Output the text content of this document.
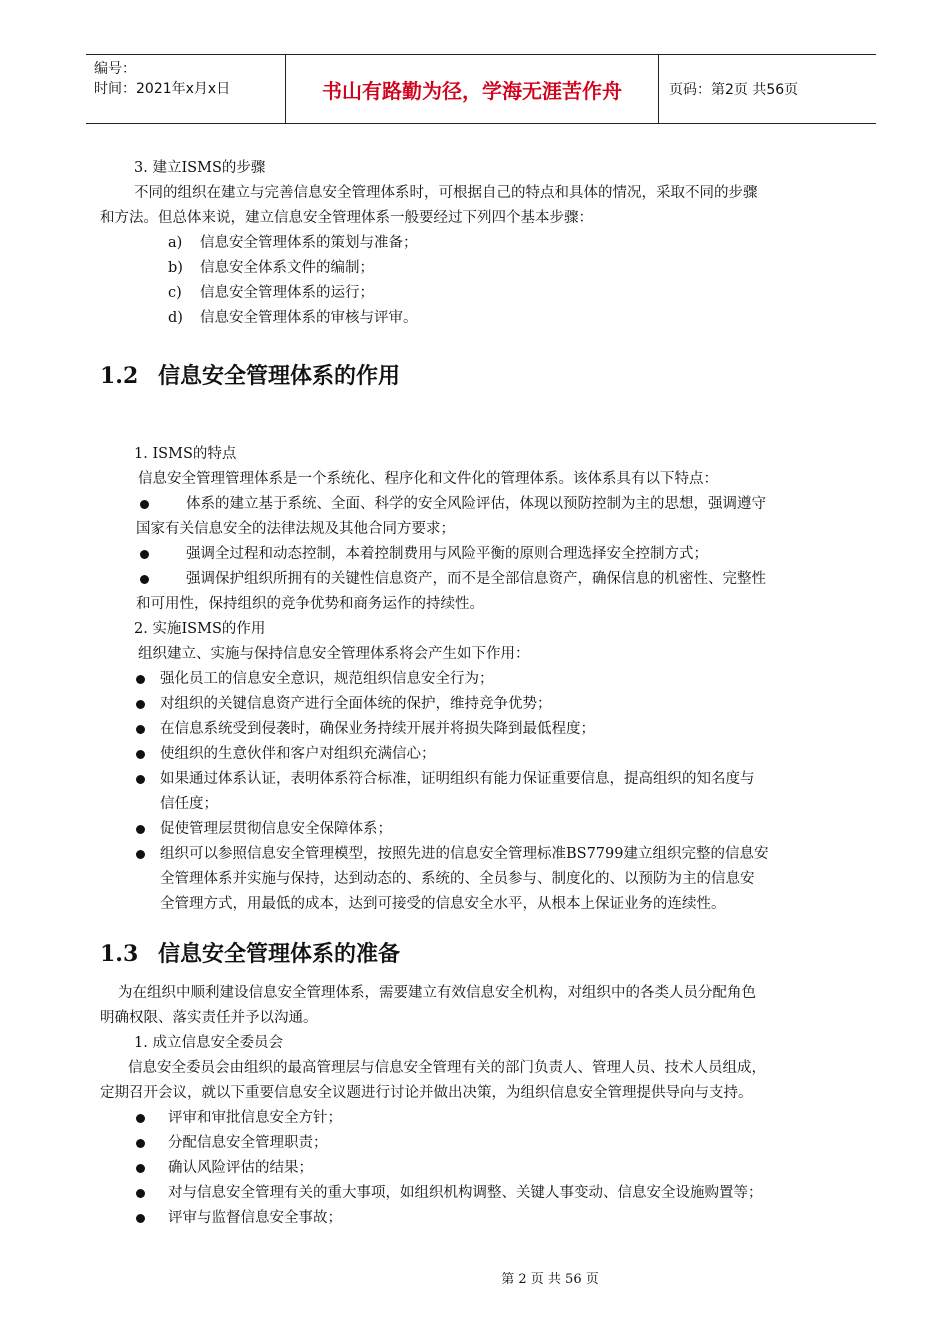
编号：
时间：2021年x月x日	书山有路勤为径，学海无涯苦作舟	页码：第2页 共56页
3. 建立ISMS的步骤
不同的组织在建立与完善信息安全管理体系时，可根据自己的特点和具体的情况，采取不同的步骤
和方法。但总体来说，建立信息安全管理体系一般要经过下列四个基本步骤：
a) 信息安全管理体系的策划与准备；
b) 信息安全体系文件的编制；
c) 信息安全管理体系的运行；
d) 信息安全管理体系的审核与评审。
1.2 信息安全管理体系的作用
1. ISMS的特点
信息安全管理管理体系是一个系统化、程序化和文件化的管理体系。该体系具有以下特点：
体系的建立基于系统、全面、科学的安全风险评估，体现以预防控制为主的思想，强调遵守
国家有关信息安全的法律法规及其他合同方要求；
强调全过程和动态控制，本着控制费用与风险平衡的原则合理选择安全控制方式；
强调保护组织所拥有的关键性信息资产，而不是全部信息资产，确保信息的机密性、完整性
和可用性，保持组织的竞争优势和商务运作的持续性。
2. 实施ISMS的作用
组织建立、实施与保持信息安全管理体系将会产生如下作用：
强化员工的信息安全意识，规范组织信息安全行为；
对组织的关键信息资产进行全面体统的保护，维持竞争优势；
在信息系统受到侵袭时，确保业务持续开展并将损失降到最低程度；
使组织的生意伙伴和客户对组织充满信心；
如果通过体系认证，表明体系符合标准，证明组织有能力保证重要信息，提高组织的知名度与
信任度；
促使管理层贯彻信息安全保障体系；
组织可以参照信息安全管理模型，按照先进的信息安全管理标准BS7799建立组织完整的信息安
全管理体系并实施与保持，达到动态的、系统的、全员参与、制度化的、以预防为主的信息安
全管理方式，用最低的成本，达到可接受的信息安全水平，从根本上保证业务的连续性。
1.3 信息安全管理体系的准备
为在组织中顺利建设信息安全管理体系，需要建立有效信息安全机构，对组织中的各类人员分配角色
明确权限、落实责任并予以沟通。
1. 成立信息安全委员会
信息安全委员会由组织的最高管理层与信息安全管理有关的部门负责人、管理人员、技术人员组成，
定期召开会议，就以下重要信息安全议题进行讨论并做出决策，为组织信息安全管理提供导向与支持。
评审和审批信息安全方针；
分配信息安全管理职责；
确认风险评估的结果；
对与信息安全管理有关的重大事项，如组织机构调整、关键人事变动、信息安全设施购置等；
评审与监督信息安全事故；
第 2 页 共 56 页
